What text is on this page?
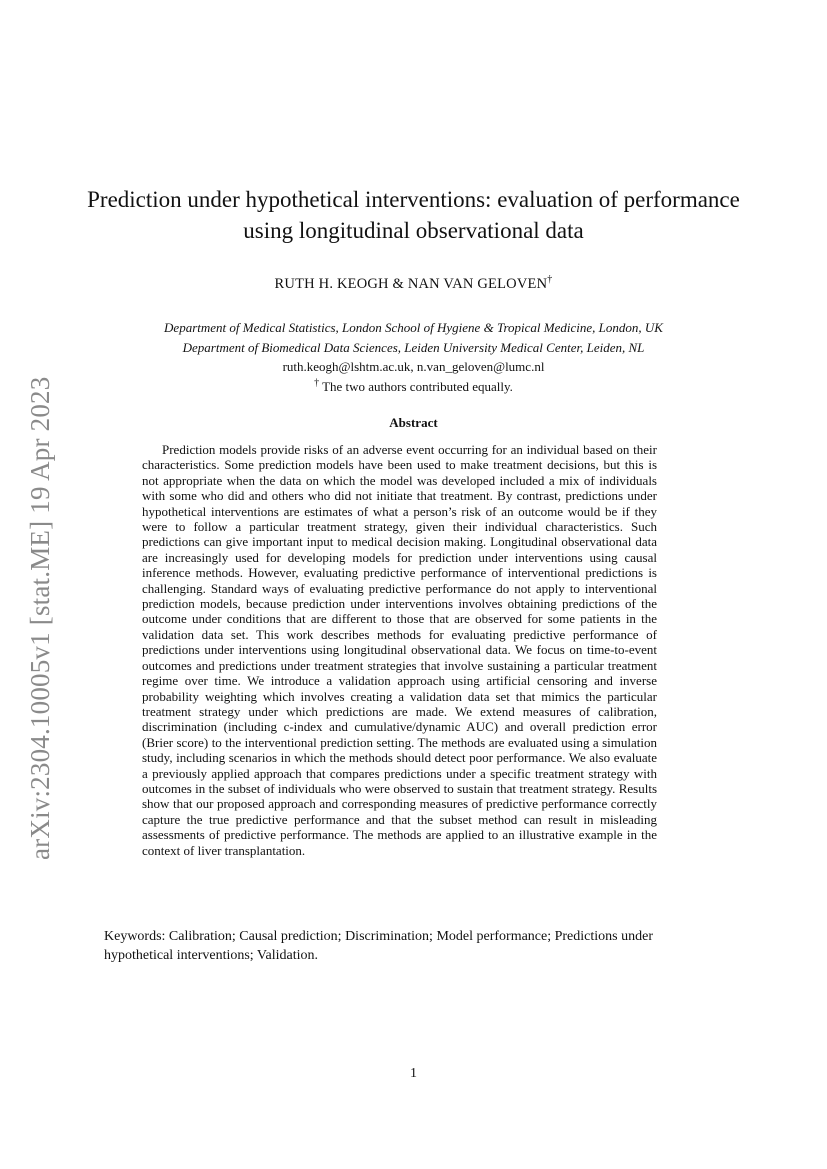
arXiv:2304.10005v1 [stat.ME] 19 Apr 2023
Prediction under hypothetical interventions: evaluation of performance using longitudinal observational data
RUTH H. KEOGH & NAN VAN GELOVEN†
Department of Medical Statistics, London School of Hygiene & Tropical Medicine, London, UK
Department of Biomedical Data Sciences, Leiden University Medical Center, Leiden, NL
ruth.keogh@lshtm.ac.uk, n.van_geloven@lumc.nl
† The two authors contributed equally.
Abstract

Prediction models provide risks of an adverse event occurring for an individual based on their characteristics. Some prediction models have been used to make treatment decisions, but this is not appropriate when the data on which the model was developed included a mix of individuals with some who did and others who did not initiate that treatment. By contrast, predictions under hypothetical interventions are estimates of what a person’s risk of an outcome would be if they were to follow a particular treatment strategy, given their individual characteristics. Such predictions can give important input to medical decision making. Longitudinal observational data are increasingly used for developing models for prediction under interventions using causal inference methods. However, evaluating predictive performance of interventional predictions is challenging. Standard ways of evaluating predictive performance do not apply to interventional prediction models, because prediction under interventions involves obtaining predictions of the outcome under conditions that are different to those that are observed for some patients in the validation data set. This work describes methods for evaluating predictive performance of predictions under interventions using longitudinal observational data. We focus on time-to-event outcomes and predictions under treatment strategies that involve sustaining a particular treatment regime over time. We introduce a validation approach using artificial censoring and inverse probability weighting which involves creating a validation data set that mimics the particular treatment strategy under which predictions are made. We extend measures of calibration, discrimination (including c-index and cumulative/dynamic AUC) and overall prediction error (Brier score) to the interventional prediction setting. The methods are evaluated using a simulation study, including scenarios in which the methods should detect poor performance. We also evaluate a previously applied approach that compares predictions under a specific treatment strategy with outcomes in the subset of individuals who were observed to sustain that treatment strategy. Results show that our proposed approach and corresponding measures of predictive performance correctly capture the true predictive performance and that the subset method can result in misleading assessments of predictive performance. The methods are applied to an illustrative example in the context of liver transplantation.

Keywords: Calibration; Causal prediction; Discrimination; Model performance; Predictions under hypothetical interventions; Validation.

1
